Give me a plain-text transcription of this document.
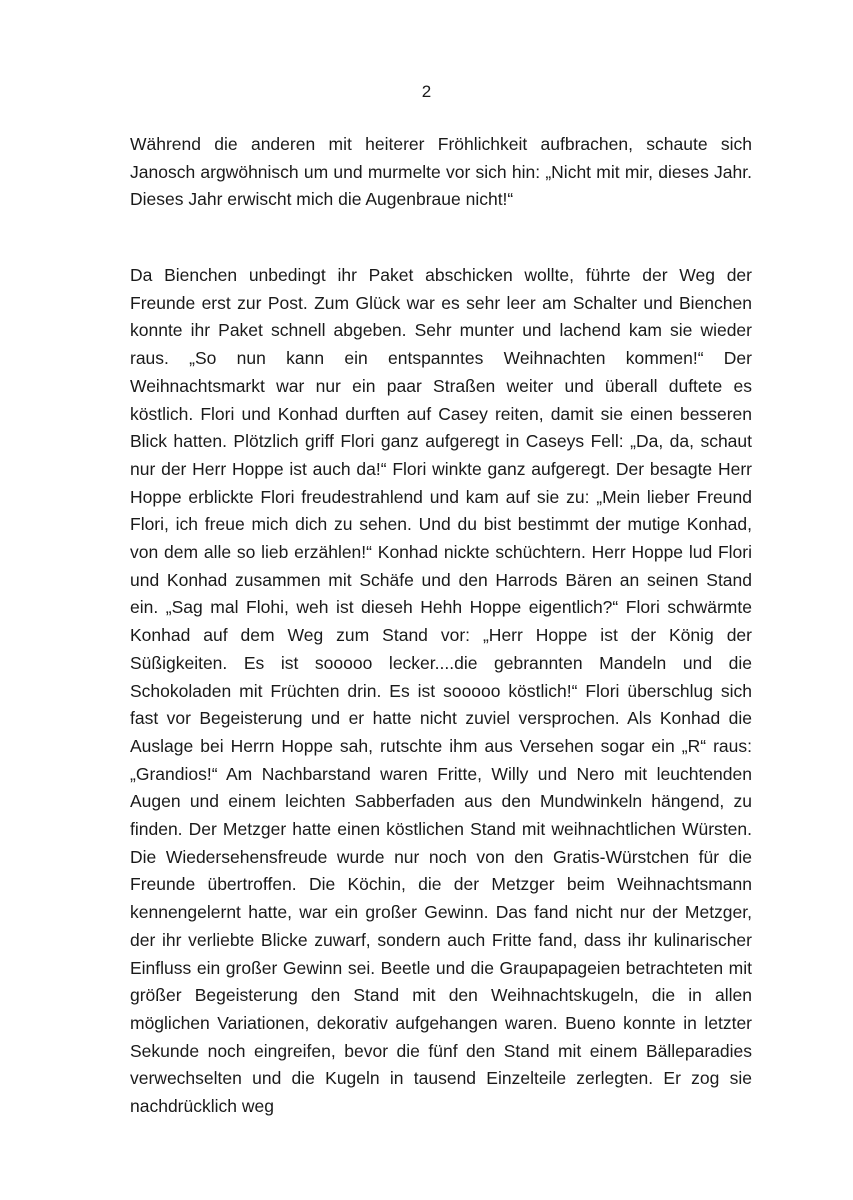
2

Während die anderen mit heiterer Fröhlichkeit aufbrachen, schaute sich Janosch argwöhnisch um und murmelte vor sich hin: „Nicht mit mir, dieses Jahr. Dieses Jahr erwischt mich die Augenbraue nicht!“

Da Bienchen unbedingt ihr Paket abschicken wollte, führte der Weg der Freunde erst zur Post. Zum Glück war es sehr leer am Schalter und Bienchen konnte ihr Paket schnell abgeben. Sehr munter und lachend kam sie wieder raus. „So nun kann ein entspanntes Weihnachten kommen!“ Der Weihnachtsmarkt war nur ein paar Straßen weiter und überall duftete es köstlich. Flori und Konhad durften auf Casey reiten, damit sie einen besseren Blick hatten. Plötzlich griff Flori ganz aufgeregt in Caseys Fell: „Da, da, schaut nur der Herr Hoppe ist auch da!“ Flori winkte ganz aufgeregt. Der besagte Herr Hoppe erblickte Flori freudestrahlend und kam auf sie zu: „Mein lieber Freund Flori, ich freue mich dich zu sehen. Und du bist bestimmt der mutige Konhad, von dem alle so lieb erzählen!“ Konhad nickte schüchtern. Herr Hoppe lud Flori und Konhad zusammen mit Schäfe und den Harrods Bären an seinen Stand ein. „Sag mal Flohi, weh ist dieseh Hehh Hoppe eigentlich?“ Flori schwärmte Konhad auf dem Weg zum Stand vor: „Herr Hoppe ist der König der Süßigkeiten. Es ist sooooo lecker....die gebrannten Mandeln und die Schokoladen mit Früchten drin. Es ist sooooo köstlich!“ Flori überschlug sich fast vor Begeisterung und er hatte nicht zuviel versprochen. Als Konhad die Auslage bei Herrn Hoppe sah, rutschte ihm aus Versehen sogar ein „R“ raus: „Grandios!“ Am Nachbarstand waren Fritte, Willy und Nero mit leuchtenden Augen und einem leichten Sabberfaden aus den Mundwinkeln hängend, zu finden. Der Metzger hatte einen köstlichen Stand mit weihnachtlichen Würsten. Die Wiedersehensfreude wurde nur noch von den Gratis-Würstchen für die Freunde übertroffen. Die Köchin, die der Metzger beim Weihnachtsmann kennengelernt hatte, war ein großer Gewinn. Das fand nicht nur der Metzger, der ihr verliebte Blicke zuwarf, sondern auch Fritte fand, dass ihr kulinarischer Einfluss ein großer Gewinn sei. Beetle und die Graupapageien betrachteten mit größer Begeisterung den Stand mit den Weihnachtskugeln, die in allen möglichen Variationen, dekorativ aufgehangen waren. Bueno konnte in letzter Sekunde noch eingreifen, bevor die fünf den Stand mit einem Bälleparadies verwechselten und die Kugeln in tausend Einzelteile zerlegten. Er zog sie nachdrücklich weg
